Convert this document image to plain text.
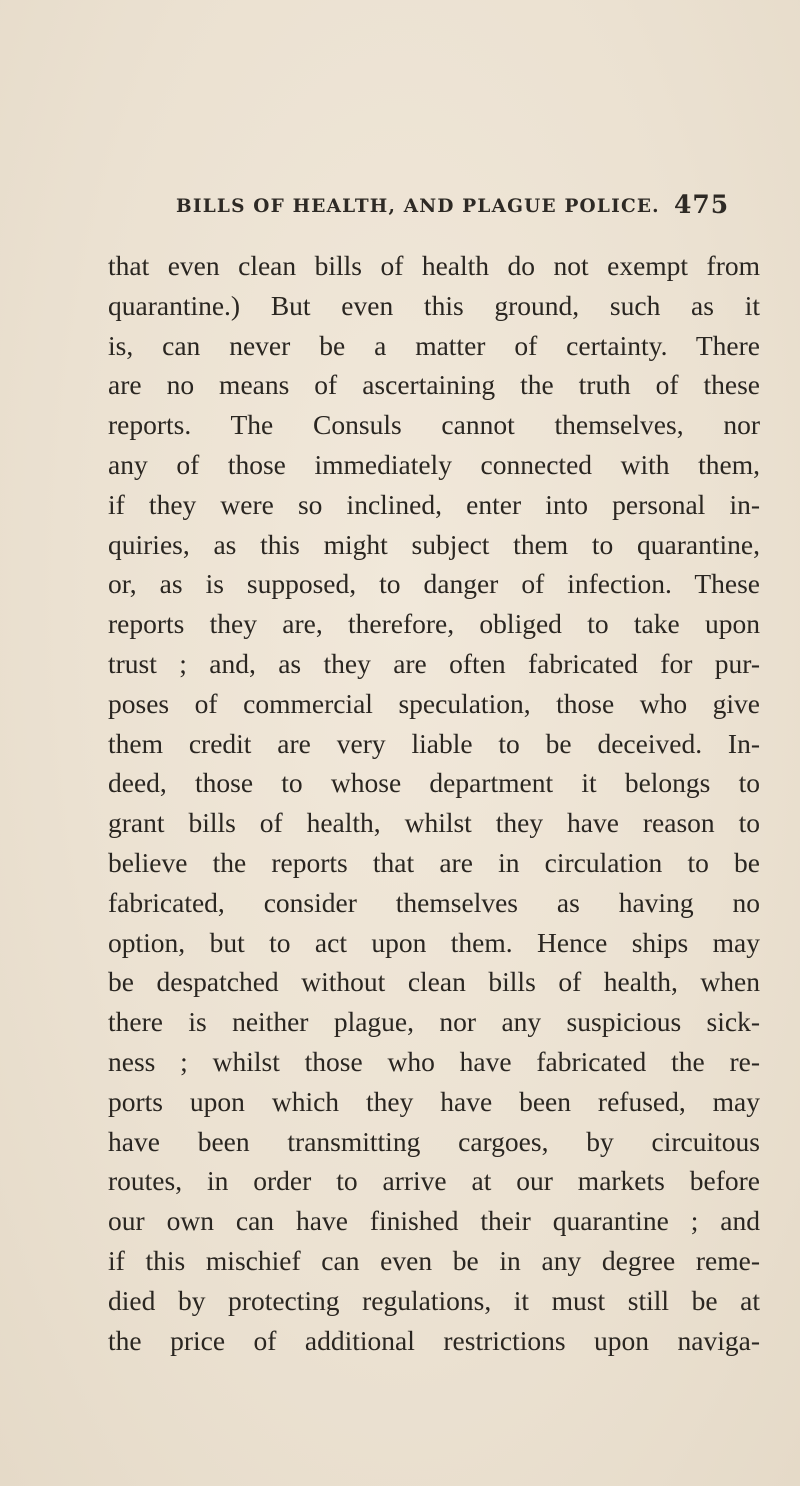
BILLS OF HEALTH, AND PLAGUE POLICE. 475
that even clean bills of health do not exempt from
quarantine.) But even this ground, such as it
is, can never be a matter of certainty. There
are no means of ascertaining the truth of these
reports. The Consuls cannot themselves, nor
any of those immediately connected with them,
if they were so inclined, enter into personal in-
quiries, as this might subject them to quarantine,
or, as is supposed, to danger of infection. These
reports they are, therefore, obliged to take upon
trust ; and, as they are often fabricated for pur-
poses of commercial speculation, those who give
them credit are very liable to be deceived. In-
deed, those to whose department it belongs to
grant bills of health, whilst they have reason to
believe the reports that are in circulation to be
fabricated, consider themselves as having no
option, but to act upon them. Hence ships may
be despatched without clean bills of health, when
there is neither plague, nor any suspicious sick-
ness ; whilst those who have fabricated the re-
ports upon which they have been refused, may
have been transmitting cargoes, by circuitous
routes, in order to arrive at our markets before
our own can have finished their quarantine ; and
if this mischief can even be in any degree reme-
died by protecting regulations, it must still be at
the price of additional restrictions upon naviga-
